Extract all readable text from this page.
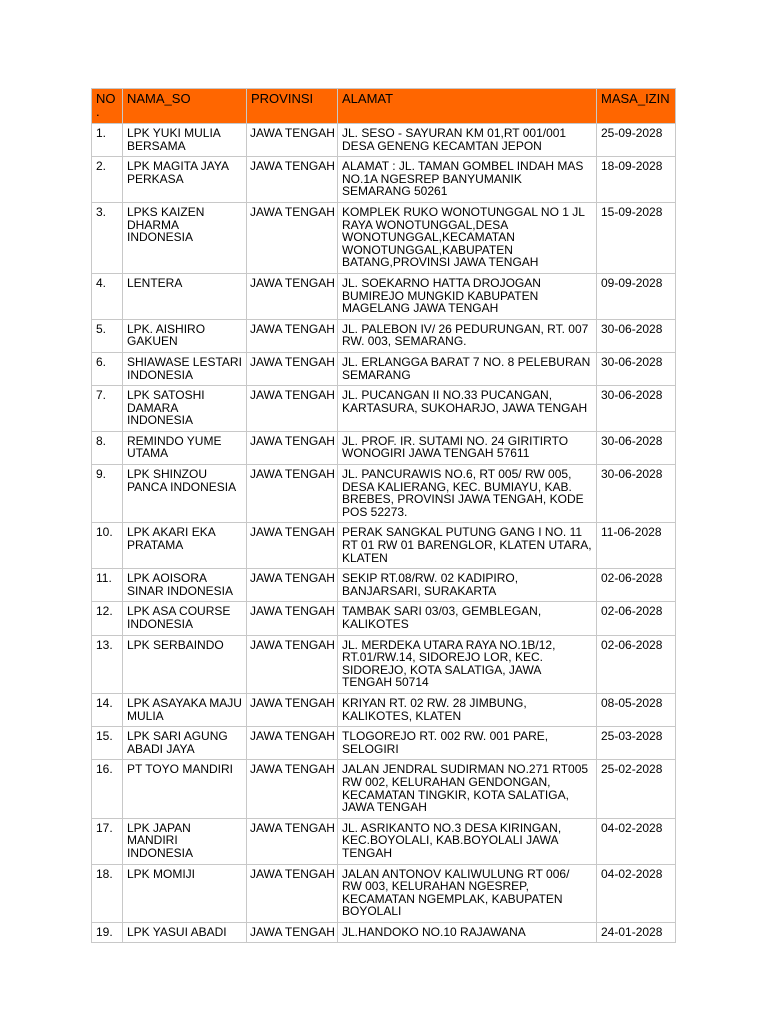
NO.	NAMA_SO	PROVINSI	ALAMAT	MASA_IZIN
1.	LPK YUKI MULIA BERSAMA	JAWA TENGAH	JL. SESO - SAYURAN KM 01,RT 001/001 DESA GENENG KECAMTAN JEPON	25-09-2028
2.	LPK MAGITA JAYA PERKASA	JAWA TENGAH	ALAMAT : JL. TAMAN GOMBEL INDAH MAS NO.1A NGESREP BANYUMANIK SEMARANG 50261	18-09-2028
3.	LPKS KAIZEN DHARMA INDONESIA	JAWA TENGAH	KOMPLEK RUKO WONOTUNGGAL NO 1 JL RAYA WONOTUNGGAL,DESA WONOTUNGGAL,KECAMATAN WONOTUNGGAL,KABUPATEN BATANG,PROVINSI JAWA TENGAH	15-09-2028
4.	LENTERA	JAWA TENGAH	JL. SOEKARNO HATTA DROJOGAN BUMIREJO MUNGKID KABUPATEN MAGELANG JAWA TENGAH	09-09-2028
5.	LPK. AISHIRO GAKUEN	JAWA TENGAH	JL. PALEBON IV/ 26 PEDURUNGAN, RT. 007 RW. 003, SEMARANG.	30-06-2028
6.	SHIAWASE LESTARI INDONESIA	JAWA TENGAH	JL. ERLANGGA BARAT 7 NO. 8 PELEBURAN SEMARANG	30-06-2028
7.	LPK SATOSHI DAMARA INDONESIA	JAWA TENGAH	JL. PUCANGAN II NO.33 PUCANGAN, KARTASURA, SUKOHARJO, JAWA TENGAH	30-06-2028
8.	REMINDO YUME UTAMA	JAWA TENGAH	JL. PROF. IR. SUTAMI NO. 24 GIRITIRTO WONOGIRI JAWA TENGAH 57611	30-06-2028
9.	LPK SHINZOU PANCA INDONESIA	JAWA TENGAH	JL. PANCURAWIS NO.6, RT 005/ RW 005, DESA KALIERANG, KEC. BUMIAYU, KAB. BREBES, PROVINSI JAWA TENGAH, KODE POS 52273.	30-06-2028
10.	LPK AKARI EKA PRATAMA	JAWA TENGAH	PERAK SANGKAL PUTUNG GANG I NO. 11 RT 01 RW 01 BARENGLOR, KLATEN UTARA, KLATEN	11-06-2028
11.	LPK AOISORA SINAR INDONESIA	JAWA TENGAH	SEKIP RT.08/RW. 02 KADIPIRO, BANJARSARI, SURAKARTA	02-06-2028
12.	LPK ASA COURSE INDONESIA	JAWA TENGAH	TAMBAK SARI 03/03, GEMBLEGAN, KALIKOTES	02-06-2028
13.	LPK SERBAINDO	JAWA TENGAH	JL. MERDEKA UTARA RAYA NO.1B/12, RT.01/RW.14, SIDOREJO LOR, KEC. SIDOREJO, KOTA SALATIGA, JAWA TENGAH 50714	02-06-2028
14.	LPK ASAYAKA MAJU MULIA	JAWA TENGAH	KRIYAN RT. 02 RW. 28 JIMBUNG, KALIKOTES, KLATEN	08-05-2028
15.	LPK SARI AGUNG ABADI JAYA	JAWA TENGAH	TLOGOREJO RT. 002 RW. 001 PARE, SELOGIRI	25-03-2028
16.	PT TOYO MANDIRI	JAWA TENGAH	JALAN JENDRAL SUDIRMAN NO.271 RT005 RW 002, KELURAHAN GENDONGAN, KECAMATAN TINGKIR, KOTA SALATIGA, JAWA TENGAH	25-02-2028
17.	LPK JAPAN MANDIRI INDONESIA	JAWA TENGAH	JL. ASRIKANTO NO.3 DESA KIRINGAN, KEC.BOYOLALI, KAB.BOYOLALI JAWA TENGAH	04-02-2028
18.	LPK MOMIJI	JAWA TENGAH	JALAN ANTONOV KALIWULUNG RT 006/ RW 003, KELURAHAN NGESREP, KECAMATAN NGEMPLAK, KABUPATEN BOYOLALI	04-02-2028
19.	LPK YASUI ABADI	JAWA TENGAH	JL.HANDOKO NO.10 RAJAWANA	24-01-2028
